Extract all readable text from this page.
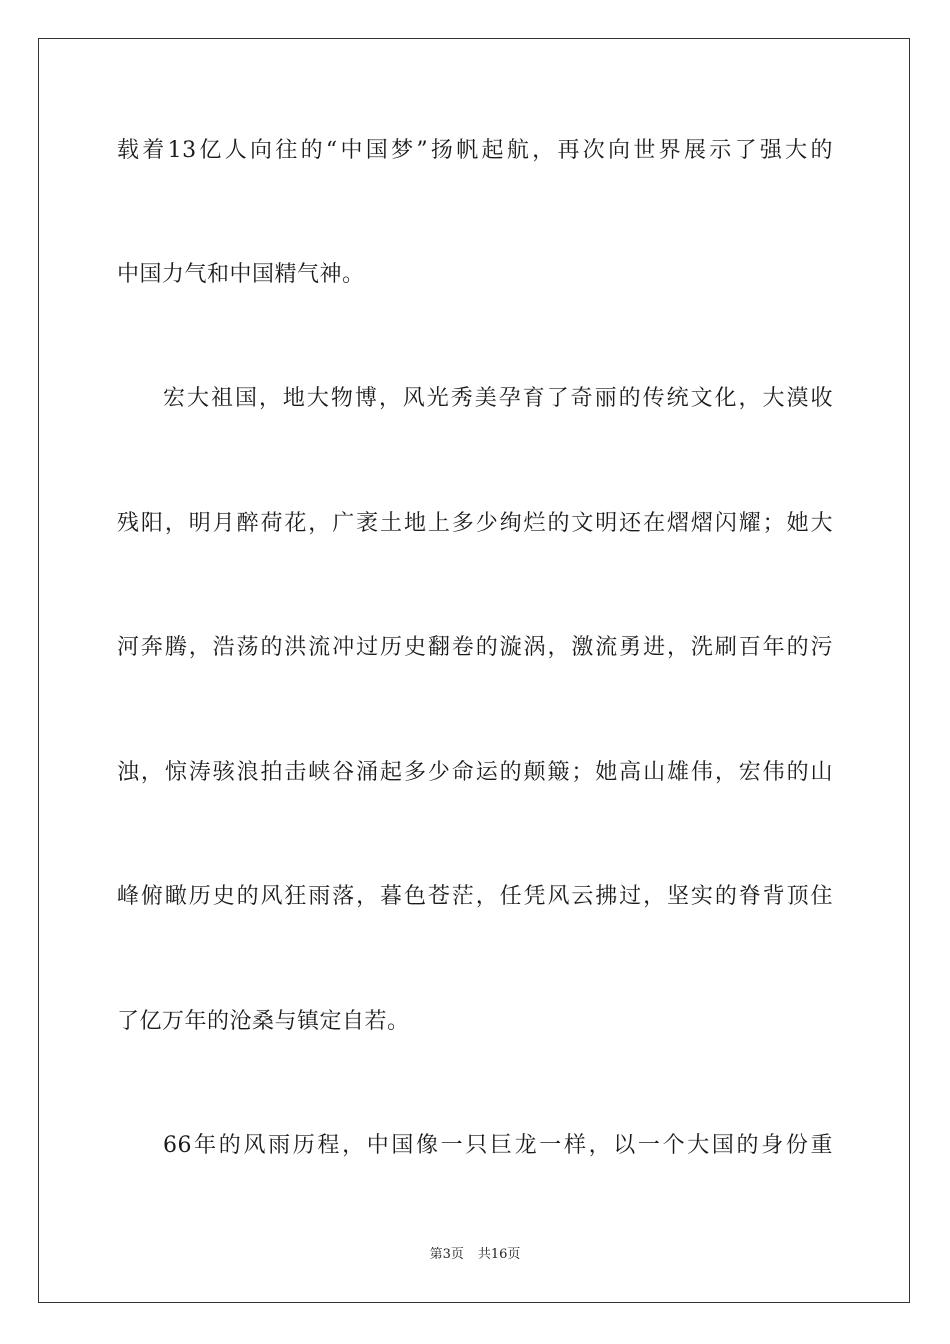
载着13亿人向往的“中国梦”扬帆起航，再次向世界展示了强大的
中国力气和中国精气神。
宏大祖国，地大物博，风光秀美孕育了奇丽的传统文化，大漠收
残阳，明月醉荷花，广袤土地上多少绚烂的文明还在熠熠闪耀；她大
河奔腾，浩荡的洪流冲过历史翻卷的漩涡，激流勇进，洗刷百年的污
浊，惊涛骇浪拍击峡谷涌起多少命运的颠簸；她高山雄伟，宏伟的山
峰俯瞰历史的风狂雨落，暮色苍茫，任凭风云拂过，坚实的脊背顶住
了亿万年的沧桑与镇定自若。
66年的风雨历程，中国像一只巨龙一样，以一个大国的身份重
第3页 共16页
